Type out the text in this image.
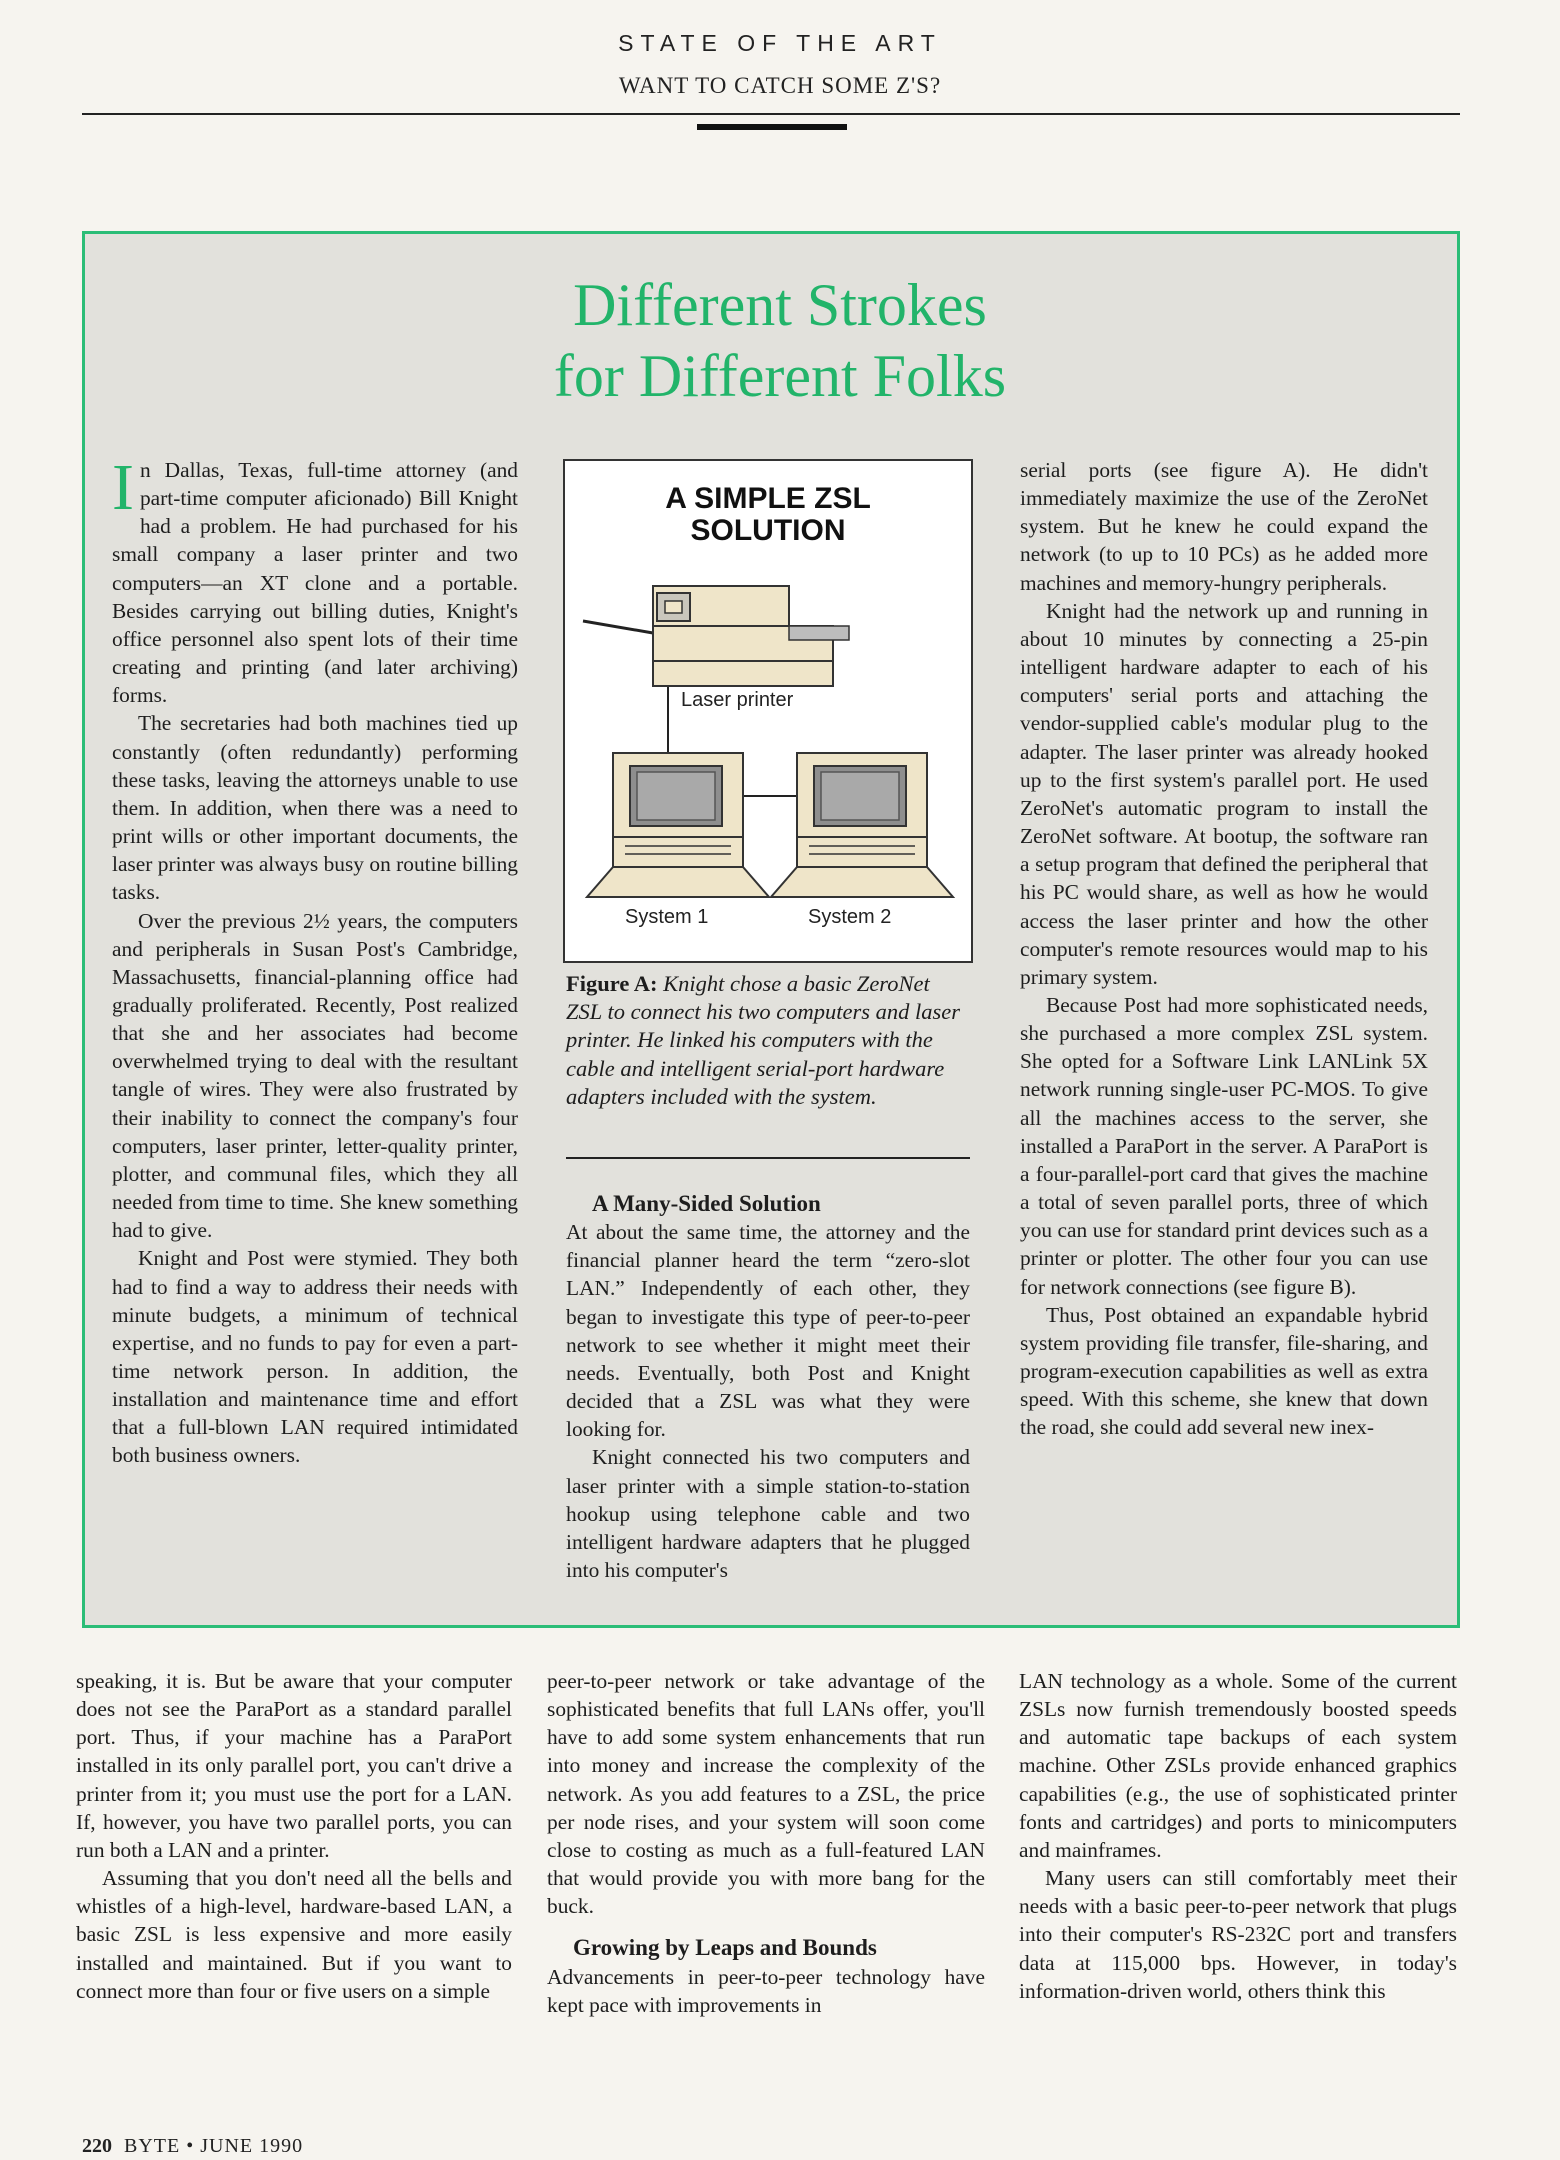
STATE OF THE ART
WANT TO CATCH SOME Z'S?
Different Strokes
for Different Folks

In Dallas, Texas, full-time attorney (and part-time computer aficionado) Bill Knight had a problem. He had purchased for his small company a laser printer and two computers—an XT clone and a portable. Besides carrying out billing duties, Knight's office personnel also spent lots of their time creating and printing (and later archiving) forms.

The secretaries had both machines tied up constantly (often redundantly) performing these tasks, leaving the attorneys unable to use them. In addition, when there was a need to print wills or other important documents, the laser printer was always busy on routine billing tasks.

Over the previous 2½ years, the computers and peripherals in Susan Post's Cambridge, Massachusetts, financial-planning office had gradually proliferated. Recently, Post realized that she and her associates had become overwhelmed trying to deal with the resultant tangle of wires. They were also frustrated by their inability to connect the company's four computers, laser printer, letter-quality printer, plotter, and communal files, which they all needed from time to time. She knew something had to give.

Knight and Post were stymied. They both had to find a way to address their needs with minute budgets, a minimum of technical expertise, and no funds to pay for even a part-time network person. In addition, the installation and maintenance time and effort that a full-blown LAN required intimidated both business owners.

A SIMPLE ZSL
SOLUTION
Laser printer
System 1	System 2
Figure A: Knight chose a basic ZeroNet ZSL to connect his two computers and laser printer. He linked his computers with the cable and intelligent serial-port hardware adapters included with the system.

A Many-Sided Solution

At about the same time, the attorney and the financial planner heard the term “zero-slot LAN.” Independently of each other, they began to investigate this type of peer-to-peer network to see whether it might meet their needs. Eventually, both Post and Knight decided that a ZSL was what they were looking for.

Knight connected his two computers and laser printer with a simple station-to-station hookup using telephone cable and two intelligent hardware adapters that he plugged into his computer's

serial ports (see figure A). He didn't immediately maximize the use of the ZeroNet system. But he knew he could expand the network (to up to 10 PCs) as he added more machines and memory-hungry peripherals.

Knight had the network up and running in about 10 minutes by connecting a 25-pin intelligent hardware adapter to each of his computers' serial ports and attaching the vendor-supplied cable's modular plug to the adapter. The laser printer was already hooked up to the first system's parallel port. He used ZeroNet's automatic program to install the ZeroNet software. At bootup, the software ran a setup program that defined the peripheral that his PC would share, as well as how he would access the laser printer and how the other computer's remote resources would map to his primary system.

Because Post had more sophisticated needs, she purchased a more complex ZSL system. She opted for a Software Link LANLink 5X network running single-user PC-MOS. To give all the machines access to the server, she installed a ParaPort in the server. A ParaPort is a four-parallel-port card that gives the machine a total of seven parallel ports, three of which you can use for standard print devices such as a printer or plotter. The other four you can use for network connections (see figure B).

Thus, Post obtained an expandable hybrid system providing file transfer, file-sharing, and program-execution capabilities as well as extra speed. With this scheme, she knew that down the road, she could add several new inex-

speaking, it is. But be aware that your computer does not see the ParaPort as a standard parallel port. Thus, if your machine has a ParaPort installed in its only parallel port, you can't drive a printer from it; you must use the port for a LAN. If, however, you have two parallel ports, you can run both a LAN and a printer.

Assuming that you don't need all the bells and whistles of a high-level, hardware-based LAN, a basic ZSL is less expensive and more easily installed and maintained. But if you want to connect more than four or five users on a simple

peer-to-peer network or take advantage of the sophisticated benefits that full LANs offer, you'll have to add some system enhancements that run into money and increase the complexity of the network. As you add features to a ZSL, the price per node rises, and your system will soon come close to costing as much as a full-featured LAN that would provide you with more bang for the buck.

Growing by Leaps and Bounds

Advancements in peer-to-peer technology have kept pace with improvements in

LAN technology as a whole. Some of the current ZSLs now furnish tremendously boosted speeds and automatic tape backups of each system machine. Other ZSLs provide enhanced graphics capabilities (e.g., the use of sophisticated printer fonts and cartridges) and ports to minicomputers and mainframes.

Many users can still comfortably meet their needs with a basic peer-to-peer network that plugs into their computer's RS-232C port and transfers data at 115,000 bps. However, in today's information-driven world, others think this

220 BYTE • JUNE 1990
